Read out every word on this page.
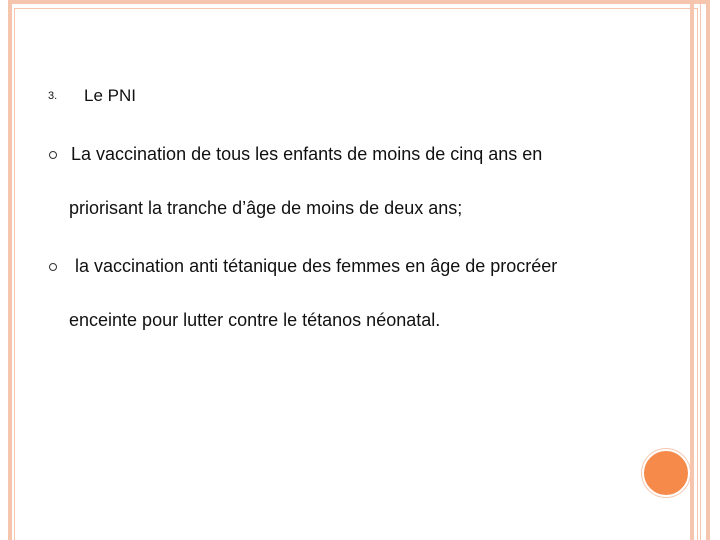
3. Le PNI
La vaccination de tous les enfants de moins de cinq ans en
priorisant la tranche d’âge de moins de deux ans;
la vaccination anti tétanique des femmes en âge de procréer
enceinte pour lutter contre le tétanos néonatal.
